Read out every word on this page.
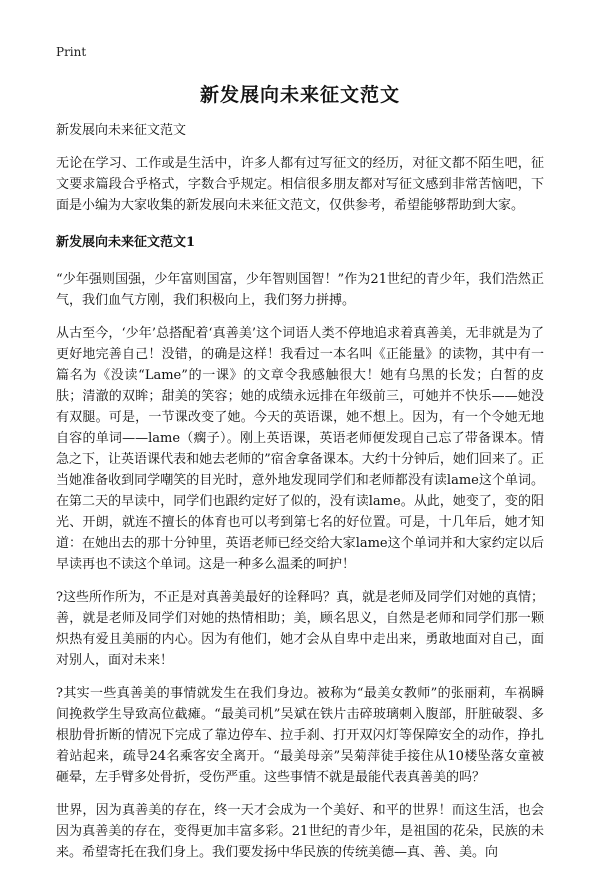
Print
新发展向未来征文范文

新发展向未来征文范文

无论在学习、工作或是生活中，许多人都有过写征文的经历，对征文都不陌生吧，征文要求篇段合乎格式，字数合乎规定。相信很多朋友都对写征文感到非常苦恼吧，下面是小编为大家收集的新发展向未来征文范文，仅供参考，希望能够帮助到大家。

新发展向未来征文范文1

“少年强则国强，少年富则国富，少年智则国智！”作为21世纪的青少年，我们浩然正气，我们血气方刚，我们积极向上，我们努力拼搏。

从古至今，‘少年’总搭配着‘真善美’这个词语人类不停地追求着真善美，无非就是为了更好地完善自己！没错，的确是这样！我看过一本名叫《正能量》的读物，其中有一篇名为《没读“Lame”的一课》的文章令我感触很大！她有乌黑的长发；白皙的皮肤；清澈的双眸；甜美的笑容；她的成绩永远排在年级前三，可她并不快乐——她没有双腿。可是，一节课改变了她。今天的英语课，她不想上。因为，有一个令她无地自容的单词——lame（瘸子）。刚上英语课，英语老师便发现自己忘了带备课本。情急之下，让英语课代表和她去老师的”宿舍拿备课本。大约十分钟后，她们回来了。正当她准备收到同学嘲笑的目光时，意外地发现同学们和老师都没有读lame这个单词。在第二天的早读中，同学们也跟约定好了似的，没有读lame。从此，她变了，变的阳光、开朗，就连不擅长的体育也可以考到第七名的好位置。可是，十几年后，她才知道：在她出去的那十分钟里，英语老师已经交给大家lame这个单词并和大家约定以后早读再也不读这个单词。这是一种多么温柔的呵护！

?这些所作所为，不正是对真善美最好的诠释吗？真，就是老师及同学们对她的真情；善，就是老师及同学们对她的热情相助；美，顾名思义，自然是老师和同学们那一颗炽热有爱且美丽的内心。因为有他们，她才会从自卑中走出来，勇敢地面对自己，面对别人，面对未来！

?其实一些真善美的事情就发生在我们身边。被称为“最美女教师”的张丽莉，车祸瞬间挽救学生导致高位截瘫。“最美司机”吴斌在铁片击碎玻璃刺入腹部，肝脏破裂、多根肋骨折断的情况下完成了靠边停车、拉手刹、打开双闪灯等保障安全的动作，挣扎着站起来，疏导24名乘客安全离开。“最美母亲”吴菊萍徒手接住从10楼坠落女童被砸晕，左手臂多处骨折，受伤严重。这些事情不就是最能代表真善美的吗？

世界，因为真善美的存在，终一天才会成为一个美好、和平的世界！而这生活，也会因为真善美的存在，变得更加丰富多彩。21世纪的青少年，是祖国的花朵，民族的未来。希望寄托在我们身上。我们要发扬中华民族的传统美德—真、善、美。向
